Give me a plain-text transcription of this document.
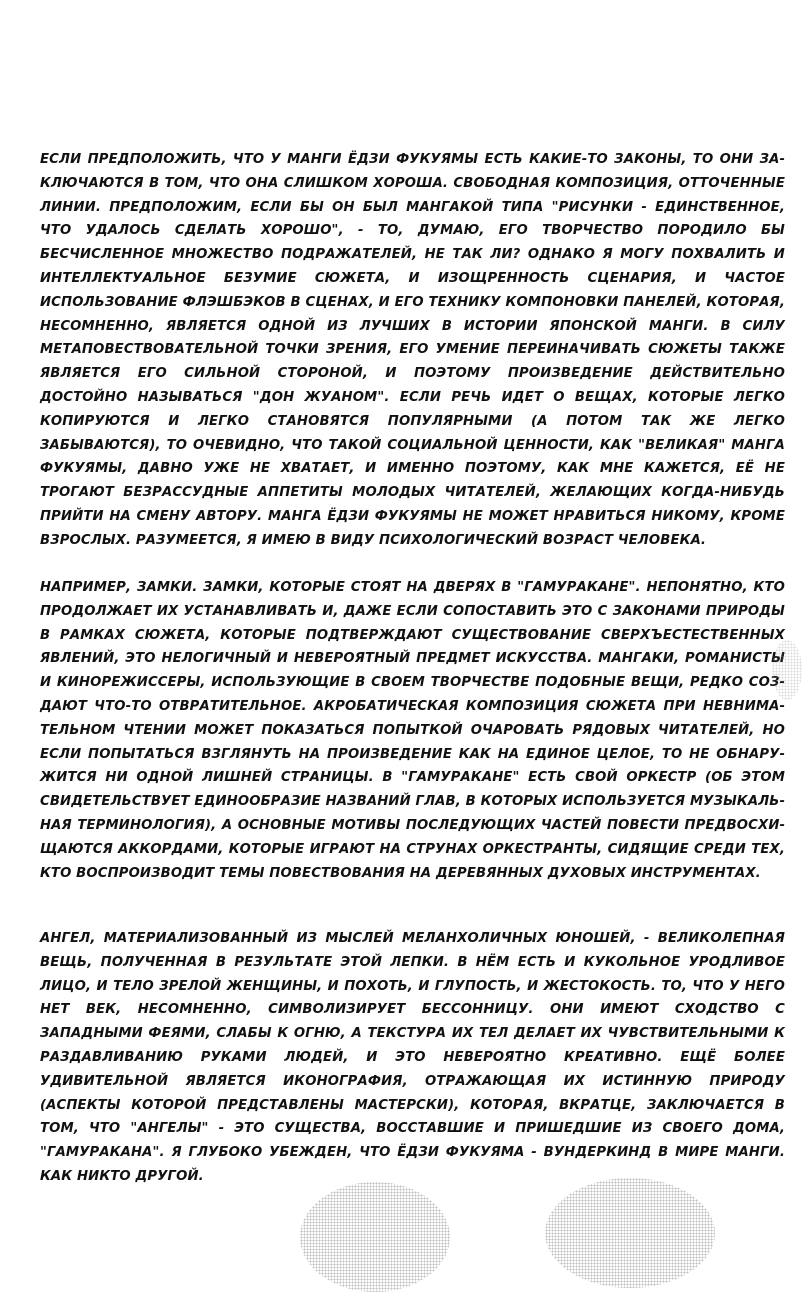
ЕСЛИ ПРЕДПОЛОЖИТЬ, ЧТО У МАНГИ ЁДЗИ ФУКУЯМЫ ЕСТЬ КАКИЕ-ТО ЗАКОНЫ, ТО ОНИ ЗАКЛЮЧАЮТСЯ В ТОМ, ЧТО ОНА СЛИШКОМ ХОРОША. СВОБОДНАЯ КОМПОЗИЦИЯ, ОТТОЧЕННЫЕ ЛИНИИ. ПРЕДПОЛОЖИМ, ЕСЛИ БЫ ОН БЫЛ МАНГАКОЙ ТИПА "РИСУНКИ - ЕДИНСТВЕННОЕ, ЧТО УДАЛОСЬ СДЕЛАТЬ ХОРОШО", - ТО, ДУМАЮ, ЕГО ТВОРЧЕСТВО ПОРОДИЛО БЫ БЕСЧИСЛЕННОЕ МНОЖЕСТВО ПОДРАЖАТЕЛЕЙ, НЕ ТАК ЛИ? ОДНАКО Я МОГУ ПОХВАЛИТЬ И ИНТЕЛЛЕКТУАЛЬНОЕ БЕЗУМИЕ СЮЖЕТА, И ИЗОЩРЕННОСТЬ СЦЕНАРИЯ, И ЧАСТОЕ ИСПОЛЬЗОВАНИЕ ФЛЭШБЭКОВ В СЦЕНАХ, И ЕГО ТЕХНИКУ КОМПОНОВКИ ПАНЕЛЕЙ, КОТОРАЯ, НЕСОМНЕННО, ЯВЛЯЕТСЯ ОДНОЙ ИЗ ЛУЧШИХ В ИСТОРИИ ЯПОНСКОЙ МАНГИ. В СИЛУ МЕТАПОВЕСТВОВАТЕЛЬНОЙ ТОЧКИ ЗРЕНИЯ, ЕГО УМЕНИЕ ПЕРЕИНАЧИВАТЬ СЮЖЕТЫ ТАКЖЕ ЯВЛЯЕТСЯ ЕГО СИЛЬНОЙ СТОРОНОЙ, И ПОЭТОМУ ПРОИЗВЕДЕНИЕ ДЕЙСТВИТЕЛЬНО ДОСТОЙНО НАЗЫВАТЬСЯ "ДОН ЖУАНОМ". ЕСЛИ РЕЧЬ ИДЕТ О ВЕЩАХ, КОТОРЫЕ ЛЕГКО КОПИРУЮТСЯ И ЛЕГКО СТАНОВЯТСЯ ПОПУЛЯРНЫМИ (А ПОТОМ ТАК ЖЕ ЛЕГКО ЗАБЫВАЮТСЯ), ТО ОЧЕВИДНО, ЧТО ТАКОЙ СОЦИАЛЬНОЙ ЦЕННОСТИ, КАК "ВЕЛИКАЯ" МАНГА ФУКУЯМЫ, ДАВНО УЖЕ НЕ ХВАТАЕТ, И ИМЕННО ПОЭТОМУ, КАК МНЕ КАЖЕТСЯ, ЕЁ НЕ ТРОГАЮТ БЕЗРАССУДНЫЕ АППЕТИТЫ МОЛОДЫХ ЧИТАТЕЛЕЙ, ЖЕЛАЮЩИХ КОГДА-НИБУДЬ ПРИЙТИ НА СМЕНУ АВТОРУ. МАНГА ЁДЗИ ФУКУЯМЫ НЕ МОЖЕТ НРАВИТЬСЯ НИКОМУ, КРОМЕ ВЗРОСЛЫХ. РАЗУМЕЕТСЯ, Я ИМЕЮ В ВИДУ ПСИХОЛОГИЧЕСКИЙ ВОЗРАСТ ЧЕЛОВЕКА.

НАПРИМЕР, ЗАМКИ. ЗАМКИ, КОТОРЫЕ СТОЯТ НА ДВЕРЯХ В "ГАМУРАКАНЕ". НЕПОНЯТНО, КТО ПРОДОЛЖАЕТ ИХ УСТАНАВЛИВАТЬ И, ДАЖЕ ЕСЛИ СОПОСТАВИТЬ ЭТО С ЗАКОНАМИ ПРИРОДЫ В РАМКАХ СЮЖЕТА, КОТОРЫЕ ПОДТВЕРЖДАЮТ СУЩЕСТВОВАНИЕ СВЕРХЪЕСТЕСТВЕННЫХ ЯВЛЕНИЙ, ЭТО НЕЛОГИЧНЫЙ И НЕВЕРОЯТНЫЙ ПРЕДМЕТ ИСКУССТВА. МАНГАКИ, РОМАНИСТЫ И КИНОРЕЖИССЕРЫ, ИСПОЛЬЗУЮЩИЕ В СВОЕМ ТВОРЧЕСТВЕ ПОДОБНЫЕ ВЕЩИ, РЕДКО СОЗДАЮТ ЧТО-ТО ОТВРАТИТЕЛЬНОЕ. АКРОБАТИЧЕСКАЯ КОМПОЗИЦИЯ СЮЖЕТА ПРИ НЕВНИМАТЕЛЬНОМ ЧТЕНИИ МОЖЕТ ПОКАЗАТЬСЯ ПОПЫТКОЙ ОЧАРОВАТЬ РЯДОВЫХ ЧИТАТЕЛЕЙ, НО ЕСЛИ ПОПЫТАТЬСЯ ВЗГЛЯНУТЬ НА ПРОИЗВЕДЕНИЕ КАК НА ЕДИНОЕ ЦЕЛОЕ, ТО НЕ ОБНАРУЖИТСЯ НИ ОДНОЙ ЛИШНЕЙ СТРАНИЦЫ. В "ГАМУРАКАНЕ" ЕСТЬ СВОЙ ОРКЕСТР (ОБ ЭТОМ СВИДЕТЕЛЬСТВУЕТ ЕДИНООБРАЗИЕ НАЗВАНИЙ ГЛАВ, В КОТОРЫХ ИСПОЛЬЗУЕТСЯ МУЗЫКАЛЬНАЯ ТЕРМИНОЛОГИЯ), А ОСНОВНЫЕ МОТИВЫ ПОСЛЕДУЮЩИХ ЧАСТЕЙ ПОВЕСТИ ПРЕДВОСХИЩАЮТСЯ АККОРДАМИ, КОТОРЫЕ ИГРАЮТ НА СТРУНАХ ОРКЕСТРАНТЫ, СИДЯЩИЕ СРЕДИ ТЕХ, КТО ВОСПРОИЗВОДИТ ТЕМЫ ПОВЕСТВОВАНИЯ НА ДЕРЕВЯННЫХ ДУХОВЫХ ИНСТРУМЕНТАХ.

АНГЕЛ, МАТЕРИАЛИЗОВАННЫЙ ИЗ МЫСЛЕЙ МЕЛАНХОЛИЧНЫХ ЮНОШЕЙ, - ВЕЛИКОЛЕПНАЯ ВЕЩЬ, ПОЛУЧЕННАЯ В РЕЗУЛЬТАТЕ ЭТОЙ ЛЕПКИ. В НЁМ ЕСТЬ И КУКОЛЬНОЕ УРОДЛИВОЕ ЛИЦО, И ТЕЛО ЗРЕЛОЙ ЖЕНЩИНЫ, И ПОХОТЬ, И ГЛУПОСТЬ, И ЖЕСТОКОСТЬ. ТО, ЧТО У НЕГО НЕТ ВЕК, НЕСОМНЕННО, СИМВОЛИЗИРУЕТ БЕССОННИЦУ. ОНИ ИМЕЮТ СХОДСТВО С ЗАПАДНЫМИ ФЕЯМИ, СЛАБЫ К ОГНЮ, А ТЕКСТУРА ИХ ТЕЛ ДЕЛАЕТ ИХ ЧУВСТВИТЕЛЬНЫМИ К РАЗДАВЛИВАНИЮ РУКАМИ ЛЮДЕЙ, И ЭТО НЕВЕРОЯТНО КРЕАТИВНО. ЕЩЁ БОЛЕЕ УДИВИТЕЛЬНОЙ ЯВЛЯЕТСЯ ИКОНОГРАФИЯ, ОТРАЖАЮЩАЯ ИХ ИСТИННУЮ ПРИРОДУ (АСПЕКТЫ КОТОРОЙ ПРЕДСТАВЛЕНЫ МАСТЕРСКИ), КОТОРАЯ, ВКРАТЦЕ, ЗАКЛЮЧАЕТСЯ В ТОМ, ЧТО "АНГЕЛЫ" - ЭТО СУЩЕСТВА, ВОССТАВШИЕ И ПРИШЕДШИЕ ИЗ СВОЕГО ДОМА, "ГАМУРАКАНА". Я ГЛУБОКО УБЕЖДЕН, ЧТО ЁДЗИ ФУКУЯМА - ВУНДЕРКИНД В МИРЕ МАНГИ. КАК НИКТО ДРУГОЙ.
